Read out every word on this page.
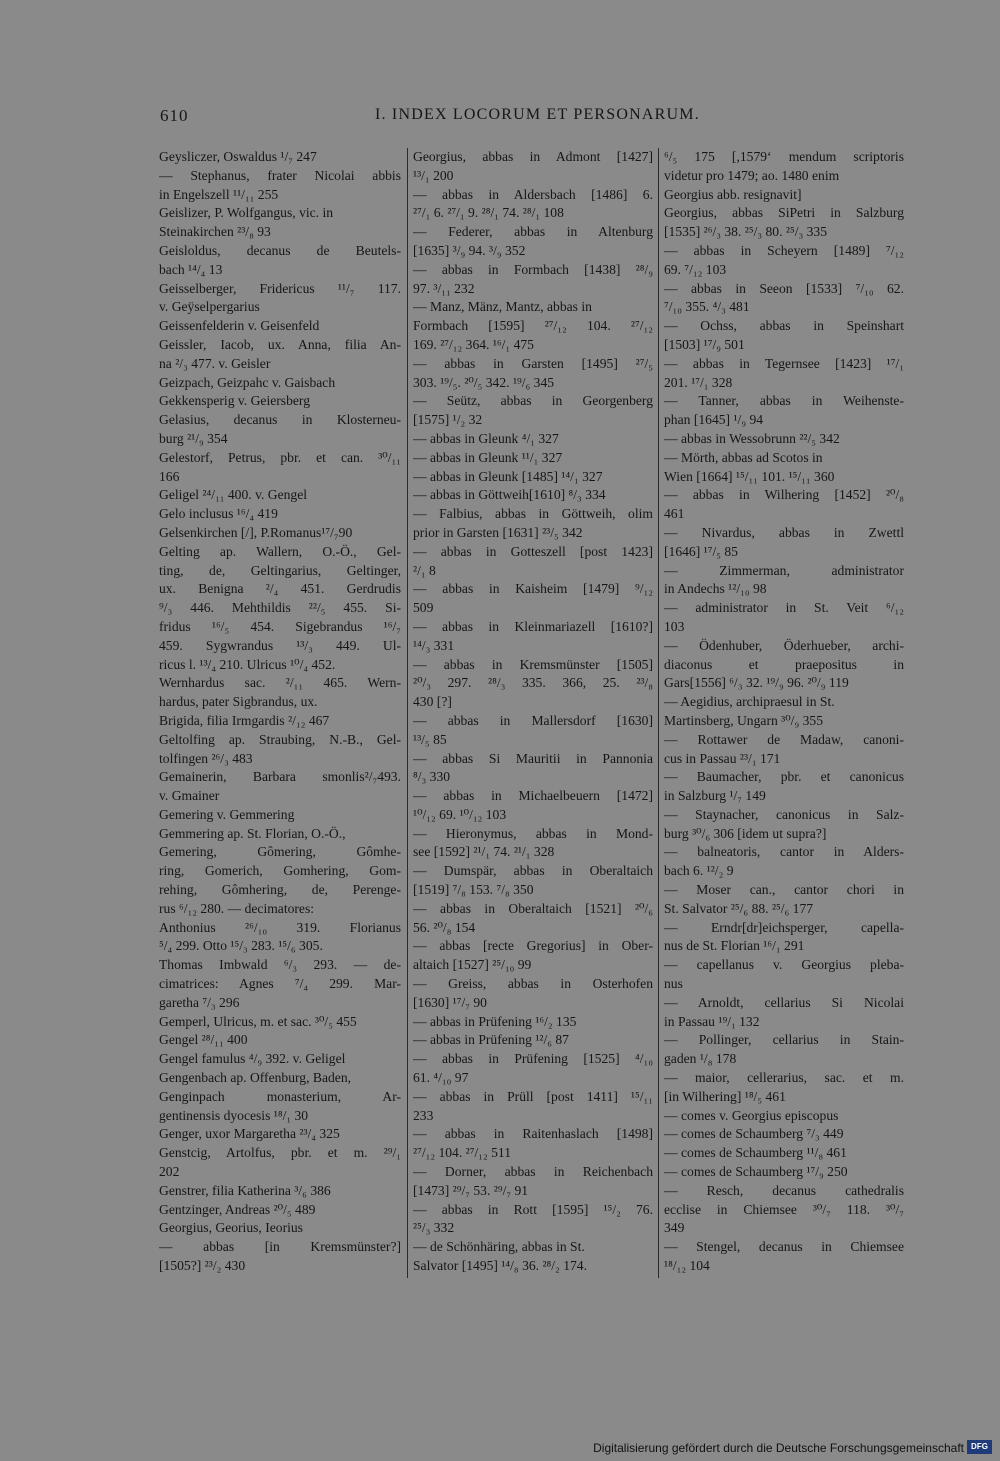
610	I. INDEX LOCORUM ET PERSONARUM.
Geysliczer, Oswaldus ¹/₇ 247
— Stephanus, frater Nicolai abbis
in Engelszell ¹¹/₁₁ 255
Geislizer, P. Wolfgangus, vic. in
Steinakirchen ²³/₈ 93
Geisloldus, decanus de Beutels-
bach ¹⁴/₄ 13
Geisselberger, Fridericus ¹¹/₇ 117.
v. Geÿselpergarius
Geissenfelderin v. Geisenfeld
Geissler, Iacob, ux. Anna, filia An-
na ²/₃ 477. v. Geisler
Geizpach, Geizpahc v. Gaisbach
Gekkensperig v. Geiersberg
Gelasius, decanus in Klosterneu-
burg ²¹/₉ 354
Gelestorf, Petrus, pbr. et can. ³⁰/₁₁
166
Geligel ²⁴/₁₁ 400. v. Gengel
Gelo inclusus ¹⁶/₄ 419
Gelsenkirchen [/], P.Romanus¹⁷/₇90
Gelting ap. Wallern, O.-Ö., Gel-
ting, de, Geltingarius, Geltinger,
ux. Benigna ²/₄ 451. Gerdrudis
⁹/₃ 446. Mehthildis ²²/₅ 455. Si-
fridus ¹⁶/₅ 454. Sigebrandus ¹⁶/₇
459. Sygwrandus ¹³/₃ 449. Ul-
ricus l. ¹³/₄ 210. Ulricus ¹⁰/₄ 452.
Wernhardus sac. ²/₁₁ 465. Wern-
hardus, pater Sigbrandus, ux.
Brigida, filia Irmgardis ²/₁₂ 467
Geltolfing ap. Straubing, N.-B., Gel-
tolfingen ²⁶/₃ 483
Gemainerin, Barbara smonlis²/₇493.
v. Gmainer
Gemering v. Gemmering
Gemmering ap. St. Florian, O.-Ö.,
Gemering, Gômering, Gômhe-
ring, Gomerich, Gomhering, Gom-
rehing, Gômhering, de, Perenge-
rus ⁶/₁₂ 280. — decimatores:
Anthonius ²⁶/₁₀ 319. Florianus
⁵/₄ 299. Otto ¹⁵/₃ 283. ¹⁵/₆ 305.
Thomas Imbwald ⁶/₃ 293. — de-
cimatrices: Agnes ⁷/₄ 299. Mar-
garetha ⁷/₃ 296
Gemperl, Ulricus, m. et sac. ³⁰/₅ 455
Gengel ²⁸/₁₁ 400
Gengel famulus ⁴/₉ 392. v. Geligel
Gengenbach ap. Offenburg, Baden,
Genginpach monasterium, Ar-
gentinensis dyocesis ¹⁸/₁ 30
Genger, uxor Margaretha ²³/₄ 325
Genstcig, Artolfus, pbr. et m. ²⁹/₁
202
Genstrer, filia Katherina ³/₆ 386
Gentzinger, Andreas ²⁰/₅ 489
Georgius, Georius, Ieorius
— abbas [in Kremsmünster?]
[1505?] ²³/₂ 430
Georgius, abbas in Admont [1427]
¹³/₁ 200
— abbas in Aldersbach [1486] 6.
²⁷/₁ 6. ²⁷/₁ 9. ²⁸/₁ 74. ²⁸/₁ 108
— Federer, abbas in Altenburg
[1635] ³/₉ 94. ³/₉ 352
— abbas in Formbach [1438] ²⁸/₉
97. ³/₁₁ 232
— Manz, Mänz, Mantz, abbas in
Formbach [1595] ²⁷/₁₂ 104. ²⁷/₁₂
169. ²⁷/₁₂ 364. ¹⁶/₁ 475
— abbas in Garsten [1495] ²⁷/₅
303. ¹⁹/₅. ²⁰/₅ 342. ¹⁹/₆ 345
— Seütz, abbas in Georgenberg
[1575] ¹/₂ 32
— abbas in Gleunk ⁴/₁ 327
— abbas in Gleunk ¹¹/₁ 327
— abbas in Gleunk [1485] ¹⁴/₁ 327
— abbas in Göttweih[1610] ⁸/₃ 334
— Falbius, abbas in Göttweih, olim
prior in Garsten [1631] ²³/₅ 342
— abbas in Gotteszell [post 1423]
²/₁ 8
— abbas in Kaisheim [1479] ⁹/₁₂
509
— abbas in Kleinmariazell [1610?]
¹⁴/₃ 331
— abbas in Kremsmünster [1505]
²⁰/₃ 297. ²⁸/₃ 335. 366, 25. ²³/₈
430 [?]
— abbas in Mallersdorf [1630]
¹³/₅ 85
— abbas Si Mauritii in Pannonia
⁸/₃ 330
— abbas in Michaelbeuern [1472]
¹⁰/₁₂ 69. ¹⁰/₁₂ 103
— Hieronymus, abbas in Mond-
see [1592] ²¹/₁ 74. ²¹/₁ 328
— Dumspär, abbas in Oberaltaich
[1519] ⁷/₈ 153. ⁷/₈ 350
— abbas in Oberaltaich [1521] ²⁰/₆
56. ²⁰/₈ 154
— abbas [recte Gregorius] in Ober-
altaich [1527] ²⁵/₁₀ 99
— Greiss, abbas in Osterhofen
[1630] ¹⁷/₇ 90
— abbas in Prüfening ¹⁶/₂ 135
— abbas in Prüfening ¹²/₆ 87
— abbas in Prüfening [1525] ⁴/₁₀
61. ⁴/₁₀ 97
— abbas in Prüll [post 1411] ¹⁵/₁₁
233
— abbas in Raitenhaslach [1498]
²⁷/₁₂ 104. ²⁷/₁₂ 511
— Dorner, abbas in Reichenbach
[1473] ²⁹/₇ 53. ²⁹/₇ 91
— abbas in Rott [1595] ¹⁵/₂ 76.
²⁵/₃ 332
— de Schönhäring, abbas in St.
Salvator [1495] ¹⁴/₈ 36. ²⁸/₂ 174.
⁶/₅ 175 [,1579‘ mendum scriptoris
videtur pro 1479; ao. 1480 enim
Georgius abb. resignavit]
Georgius, abbas SiPetri in Salzburg
[1535] ²⁶/₃ 38. ²⁵/₃ 80. ²⁵/₃ 335
— abbas in Scheyern [1489] ⁷/₁₂
69. ⁷/₁₂ 103
— abbas in Seeon [1533] ⁷/₁₀ 62.
⁷/₁₀ 355. ⁴/₃ 481
— Ochss, abbas in Speinshart
[1503] ¹⁷/₉ 501
— abbas in Tegernsee [1423] ¹⁷/₁
201. ¹⁷/₁ 328
— Tanner, abbas in Weihenste-
phan [1645] ¹/₉ 94
— abbas in Wessobrunn ²²/₅ 342
— Mörth, abbas ad Scotos in
Wien [1664] ¹⁵/₁₁ 101. ¹⁵/₁₁ 360
— abbas in Wilhering [1452] ²⁰/₈
461
— Nivardus, abbas in Zwettl
[1646] ¹⁷/₅ 85
— Zimmerman, administrator
in Andechs ¹²/₁₀ 98
— administrator in St. Veit ⁶/₁₂
103
— Ödenhuber, Öderhueber, archi-
diaconus et praepositus in
Gars[1556] ⁶/₃ 32. ¹⁹/₉ 96. ²⁰/₉ 119
— Aegidius, archipraesul in St.
Martinsberg, Ungarn ³⁰/₉ 355
— Rottawer de Madaw, canoni-
cus in Passau ²³/₁ 171
— Baumacher, pbr. et canonicus
in Salzburg ¹/₇ 149
— Staynacher, canonicus in Salz-
burg ³⁰/₆ 306 [idem ut supra?]
— balneatoris, cantor in Alders-
bach 6. ¹²/₂ 9
— Moser can., cantor chori in
St. Salvator ²⁵/₆ 88. ²⁵/₆ 177
— Erndr[dr]eichsperger, capella-
nus de St. Florian ¹⁶/₁ 291
— capellanus v. Georgius pleba-
nus
— Arnoldt, cellarius Si Nicolai
in Passau ¹⁹/₁ 132
— Pollinger, cellarius in Stain-
gaden ¹/₈ 178
— maior, cellerarius, sac. et m.
[in Wilhering] ¹⁸/₅ 461
— comes v. Georgius episcopus
— comes de Schaumberg ⁷/₃ 449
— comes de Schaumberg ¹¹/₈ 461
— comes de Schaumberg ¹⁷/₉ 250
— Resch, decanus cathedralis
ecclise in Chiemsee ³⁰/₇ 118. ³⁰/₇
349
— Stengel, decanus in Chiemsee
¹⁸/₁₂ 104
Digitalisierung gefördert durch die Deutsche Forschungsgemeinschaft DFG
